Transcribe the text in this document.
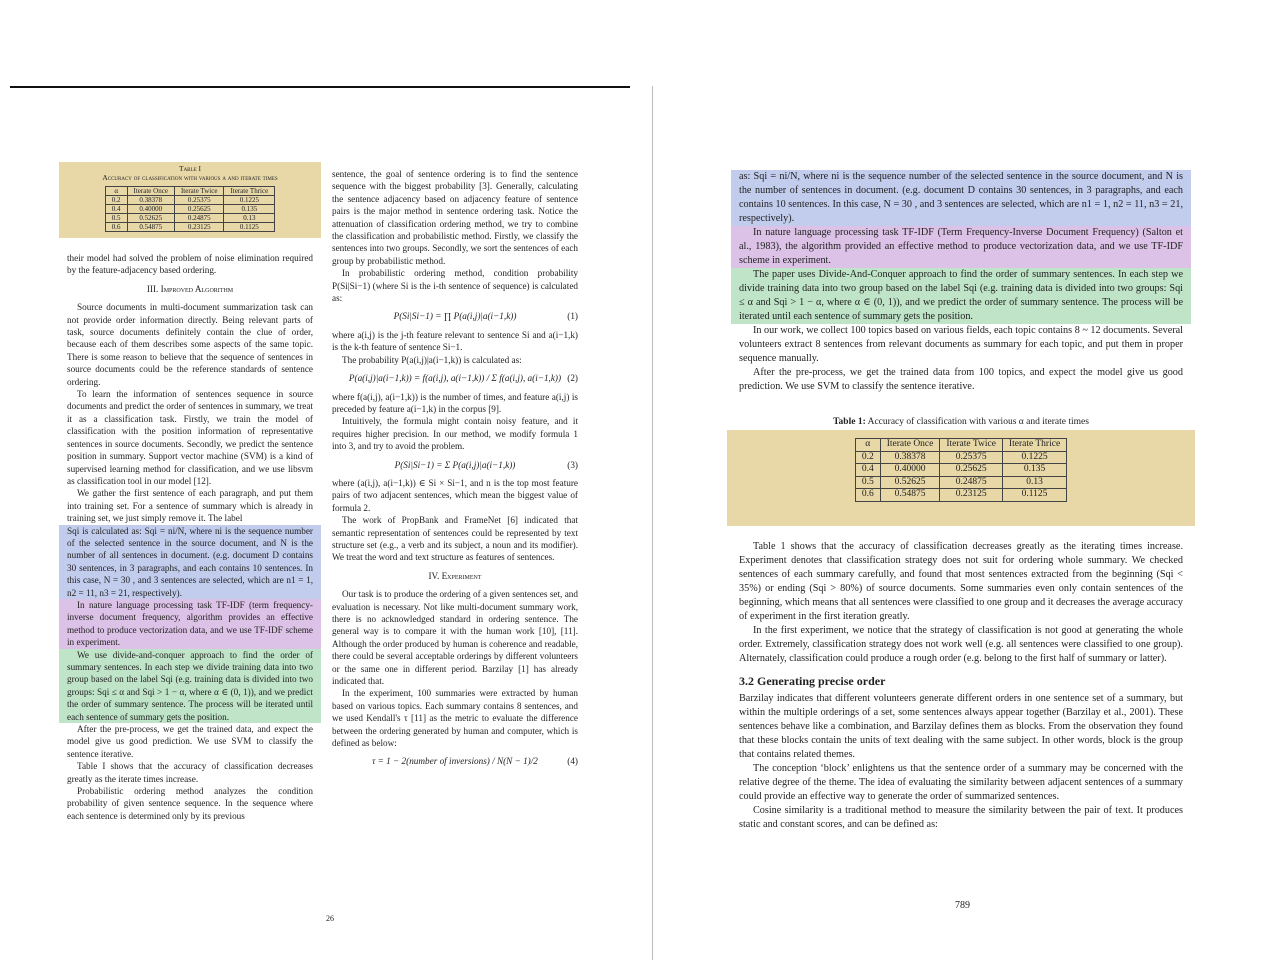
Table I
Accuracy of classification with various α and iterate times
α	Iterate Once	Iterate Twice	Iterate Thrice
0.2	0.38378	0.25375	0.1225
0.4	0.40000	0.25625	0.135
0.5	0.52625	0.24875	0.13
0.6	0.54875	0.23125	0.1125

their model had solved the problem of noise elimination required by the feature-adjacency based ordering.

III. Improved Algorithm

Source documents in multi-document summarization task can not provide order information directly. Being relevant parts of task, source documents definitely contain the clue of order, because each of them describes some aspects of the same topic. There is some reason to believe that the sequence of sentences in source documents could be the reference standards of sentence ordering.

To learn the information of sentences sequence in source documents and predict the order of sentences in summary, we treat it as a classification task. Firstly, we train the model of classification with the position information of representative sentences in source documents. Secondly, we predict the sentence position in summary. Support vector machine (SVM) is a kind of supervised learning method for classification, and we use libsvm as classification tool in our model [12].

We gather the first sentence of each paragraph, and put them into training set. For a sentence of summary which is already in training set, we just simply remove it. The label

Sqi is calculated as: Sqi = ni/N, where ni is the sequence number of the selected sentence in the source document, and N is the number of all sentences in document. (e.g. document D contains 30 sentences, in 3 paragraphs, and each contains 10 sentences. In this case, N = 30 , and 3 sentences are selected, which are n1 = 1, n2 = 11, n3 = 21, respectively).

In nature language processing task TF-IDF (term frequency-inverse document frequency, algorithm provides an effective method to produce vectorization data, and we use TF-IDF scheme in experiment.

We use divide-and-conquer approach to find the order of summary sentences. In each step we divide training data into two group based on the label Sqi (e.g. training data is divided into two groups: Sqi ≤ α and Sqi > 1 − α, where α ∈ (0, 1)), and we predict the order of summary sentence. The process will be iterated until each sentence of summary gets the position.

After the pre-process, we get the trained data, and expect the model give us good prediction. We use SVM to classify the sentence iterative.

Table I shows that the accuracy of classification decreases greatly as the iterate times increase.

Probabilistic ordering method analyzes the condition probability of given sentence sequence. In the sequence where each sentence is determined only by its previous

sentence, the goal of sentence ordering is to find the sentence sequence with the biggest probability [3]. Generally, calculating the sentence adjacency based on adjacency feature of sentence pairs is the major method in sentence ordering task. Notice the attenuation of classification ordering method, we try to combine the classification and probabilistic method. Firstly, we classify the sentences into two groups. Secondly, we sort the sentences of each group by probabilistic method.

In probabilistic ordering method, condition probability P(Si|Si−1) (where Si is the i-th sentence of sequence) is calculated as:

P(Si|Si−1) = ∏ P(a(i,j)|a(i−1,k))	(1)

where a(i,j) is the j-th feature relevant to sentence Si and a(i−1,k) is the k-th feature of sentence Si−1.

The probability P(a(i,j)|a(i−1,k)) is calculated as:

P(a(i,j)|a(i−1,k)) = f(a(i,j), a(i−1,k)) / Σ f(a(i,j), a(i−1,k)) (2)

where f(a(i,j), a(i−1,k)) is the number of times, and feature a(i,j) is preceded by feature a(i−1,k) in the corpus [9].

Intuitively, the formula might contain noisy feature, and it requires higher precision. In our method, we modify formula 1 into 3, and try to avoid the problem.

P(Si|Si−1) = Σ P(a(i,j)|a(i−1,k))	(3)

where (a(i,j), a(i−1,k)) ∈ Si × Si−1, and n is the top most feature pairs of two adjacent sentences, which mean the biggest value of formula 2.

The work of PropBank and FrameNet [6] indicated that semantic representation of sentences could be represented by text structure set (e.g., a verb and its subject, a noun and its modifier). We treat the word and text structure as features of sentences.

IV. Experiment

Our task is to produce the ordering of a given sentences set, and evaluation is necessary. Not like multi-document summary work, there is no acknowledged standard in ordering sentence. The general way is to compare it with the human work [10], [11]. Although the order produced by human is coherence and readable, there could be several acceptable orderings by different volunteers or the same one in different period. Barzilay [1] has already indicated that.

In the experiment, 100 summaries were extracted by human based on various topics. Each summary contains 8 sentences, and we used Kendall's τ [11] as the metric to evaluate the difference between the ordering generated by human and computer, which is defined as below:

τ = 1 − 2(number of inversions) / N(N − 1)/2	(4)
26

as: Sqi = ni/N, where ni is the sequence number of the selected sentence in the source document, and N is the number of sentences in document. (e.g. document D contains 30 sentences, in 3 paragraphs, and each contains 10 sentences. In this case, N = 30 , and 3 sentences are selected, which are n1 = 1, n2 = 11, n3 = 21, respectively).

In nature language processing task TF-IDF (Term Frequency-Inverse Document Frequency) (Salton et al., 1983), the algorithm provided an effective method to produce vectorization data, and we use TF-IDF scheme in experiment.

The paper uses Divide-And-Conquer approach to find the order of summary sentences. In each step we divide training data into two group based on the label Sqi (e.g. training data is divided into two groups: Sqi ≤ α and Sqi > 1 − α, where α ∈ (0, 1)), and we predict the order of summary sentence. The process will be iterated until each sentence of summary gets the position.

In our work, we collect 100 topics based on various fields, each topic contains 8 ~ 12 documents. Several volunteers extract 8 sentences from relevant documents as summary for each topic, and put them in proper sequence manually.

After the pre-process, we get the trained data from 100 topics, and expect the model give us good prediction. We use SVM to classify the sentence iterative.

Table 1: Accuracy of classification with various α and iterate times
α	Iterate Once	Iterate Twice	Iterate Thrice
0.2	0.38378	0.25375	0.1225
0.4	0.40000	0.25625	0.135
0.5	0.52625	0.24875	0.13
0.6	0.54875	0.23125	0.1125

Table 1 shows that the accuracy of classification decreases greatly as the iterating times increase. Experiment denotes that classification strategy does not suit for ordering whole summary. We checked sentences of each summary carefully, and found that most sentences extracted from the beginning (Sqi < 35%) or ending (Sqi > 80%) of source documents. Some summaries even only contain sentences of the beginning, which means that all sentences were classified to one group and it decreases the average accuracy of experiment in the first iteration greatly.

In the first experiment, we notice that the strategy of classification is not good at generating the whole order. Extremely, classification strategy does not work well (e.g. all sentences were classified to one group). Alternately, classification could produce a rough order (e.g. belong to the first half of summary or latter).

3.2 Generating precise order

Barzilay indicates that different volunteers generate different orders in one sentence set of a summary, but within the multiple orderings of a set, some sentences always appear together (Barzilay et al., 2001). These sentences behave like a combination, and Barzilay defines them as blocks. From the observation they found that these blocks contain the units of text dealing with the same subject. In other words, block is the group that contains related themes.

The conception ‘block’ enlightens us that the sentence order of a summary may be concerned with the relative degree of the theme. The idea of evaluating the similarity between adjacent sentences of a summary could provide an effective way to generate the order of summarized sentences.

Cosine similarity is a traditional method to measure the similarity between the pair of text. It produces static and constant scores, and can be defined as:

789
